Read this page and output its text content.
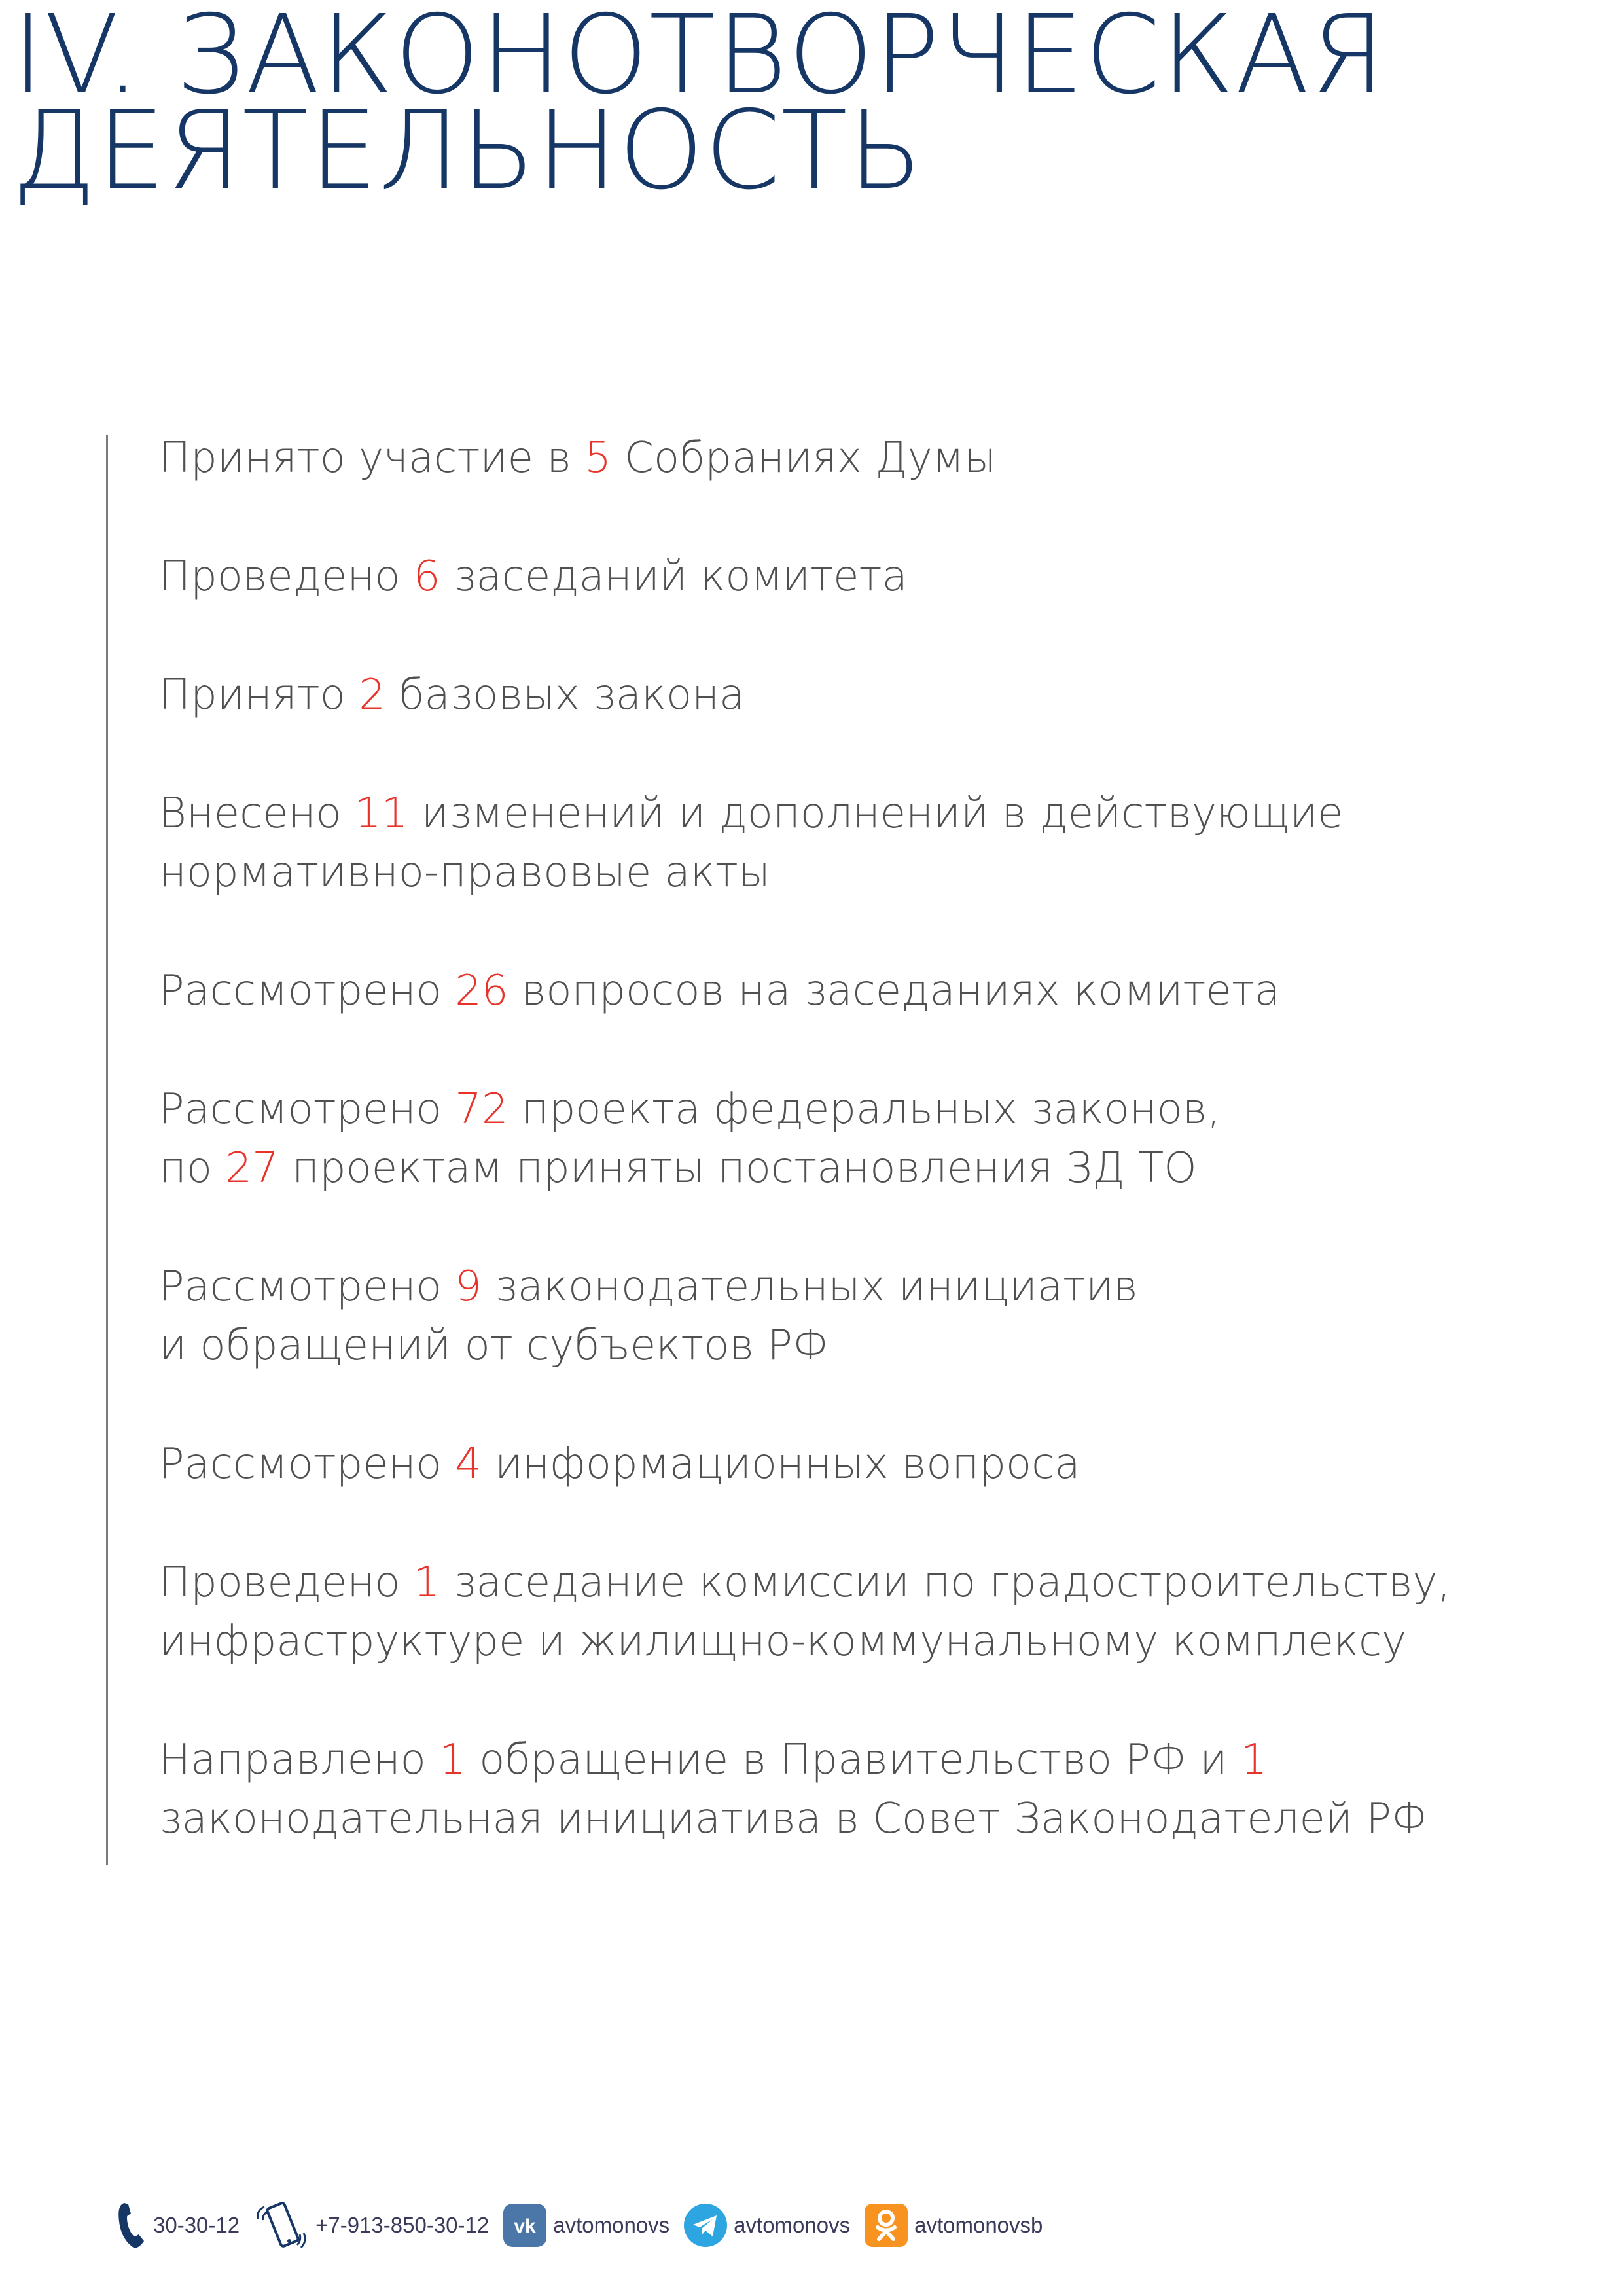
IV. ЗАКОНОТВОРЧЕСКАЯ
ДЕЯТЕЛЬНОСТЬ
Принято участие в 5 Собраниях Думы
Проведено 6 заседаний комитета
Принято 2 базовых закона
Внесено 11 изменений и дополнений в действующие
нормативно-правовые акты
Рассмотрено 26 вопросов на заседаниях комитета
Рассмотрено 72 проекта федеральных законов,
по 27 проектам приняты постановления ЗД ТО
Рассмотрено 9 законодательных инициатив
и обращений от субъектов РФ
Рассмотрено 4 информационных вопроса
Проведено 1 заседание комиссии по градостроительству,
инфраструктуре и жилищно-коммунальному комплексу
Направлено 1 обращение в Правительство РФ и 1
законодательная инициатива в Совет Законодателей РФ
30-30-12	+7-913-850-30-12 vk avtomonovs	avtomonovs	avtomonovsb
